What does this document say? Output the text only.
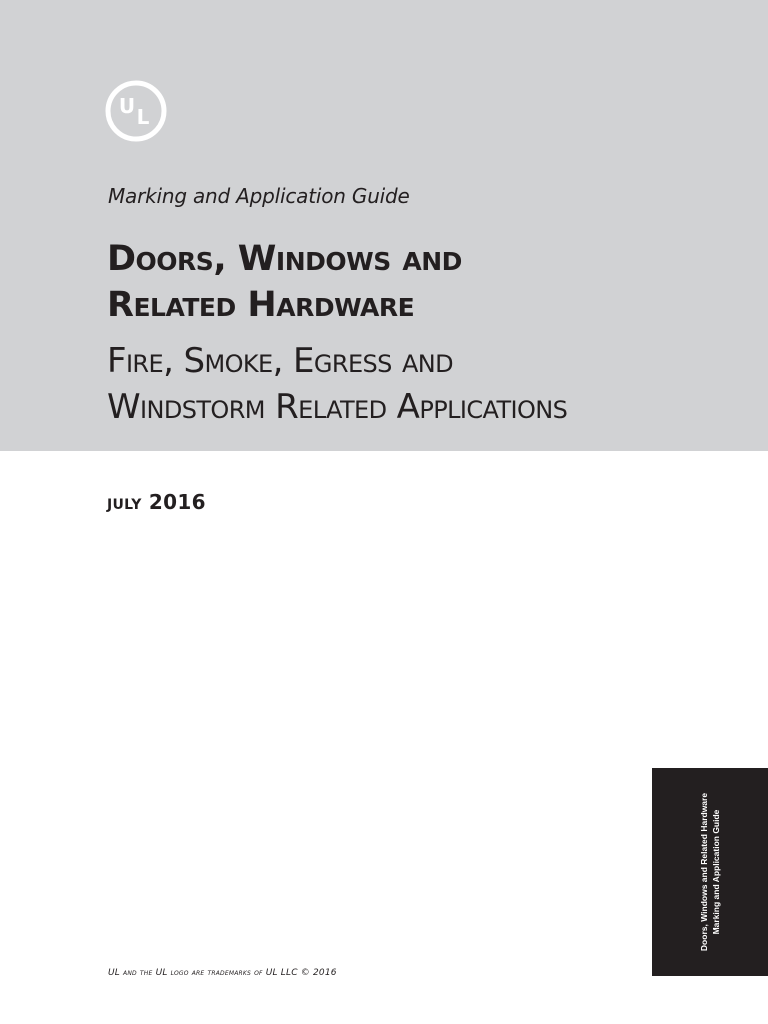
U L
Marking and Application Guide
Doors, Windows and
Related Hardware
Fire, Smoke, Egress and
Windstorm Related Applications
july 2016
Doors, Windows and Related Hardware Marking and Application Guide
UL and the UL logo are trademarks of UL LLC © 2016
